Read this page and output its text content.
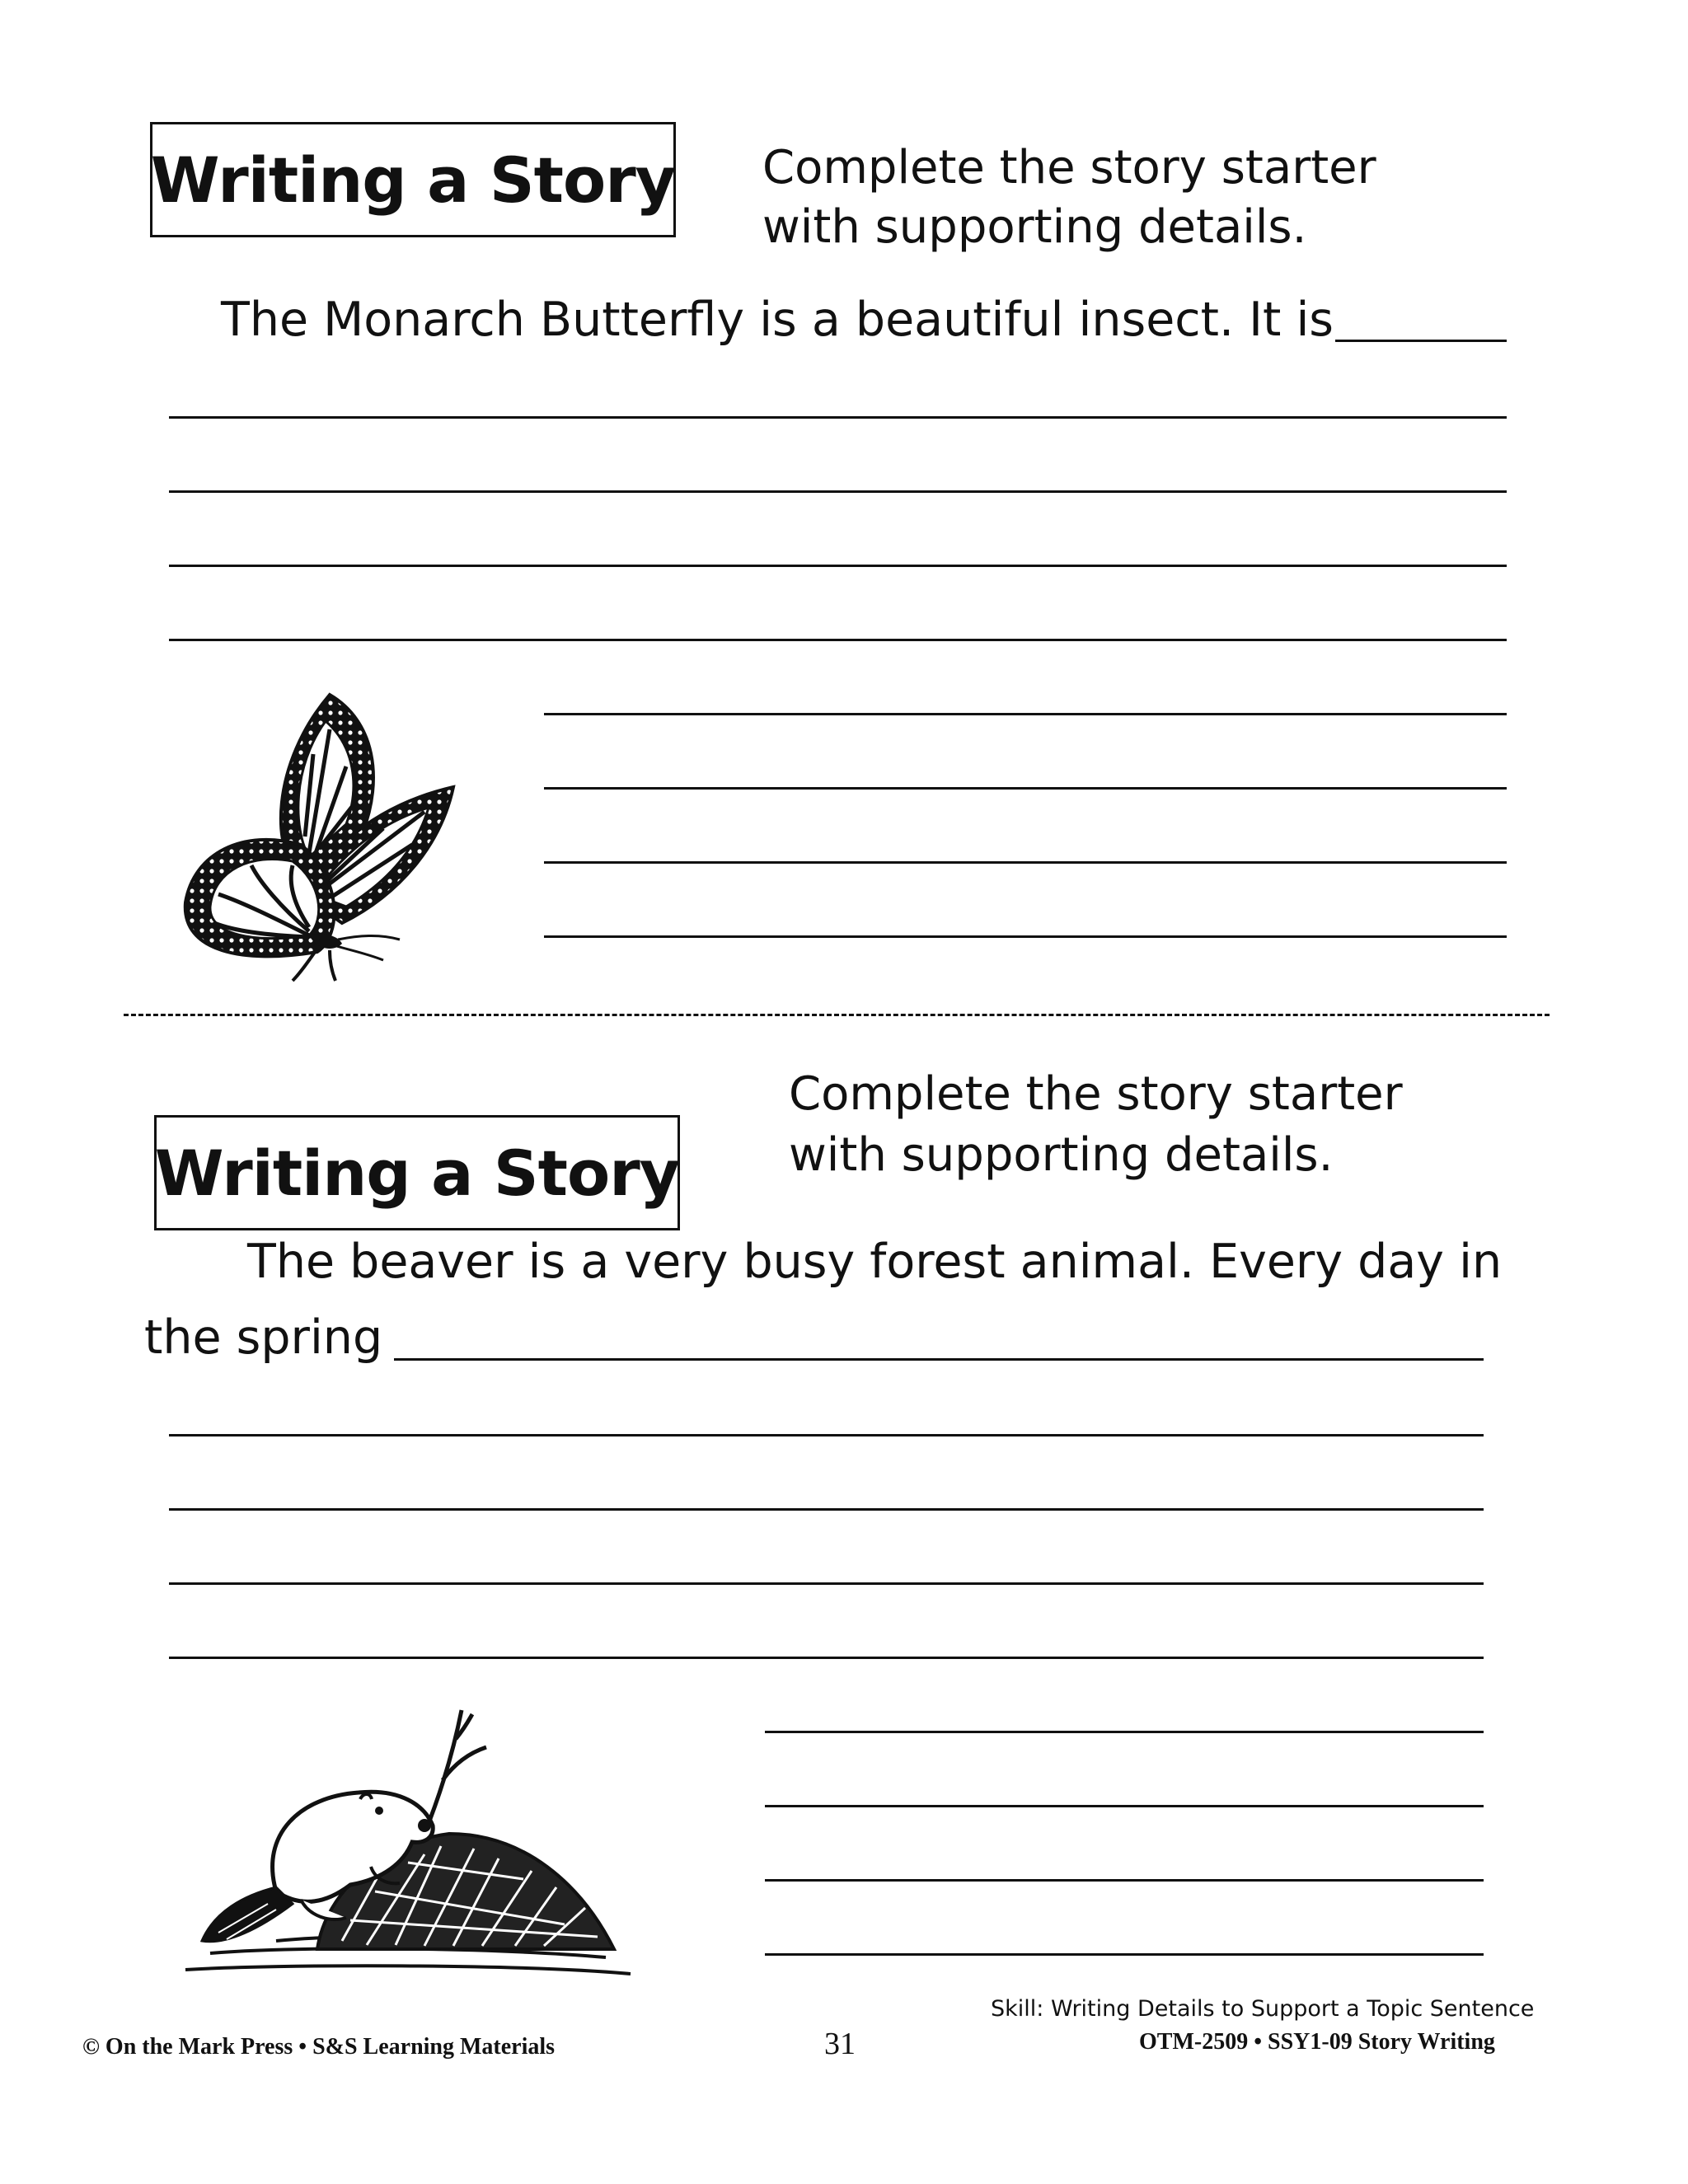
Writing a Story Complete the story starter
with supporting details.
The Monarch Butterfly is a beautiful insect. It is
Writing a Story
Complete the story starter
with supporting details.
The beaver is a very busy forest animal. Every day in
the spring
Skill: Writing Details to Support a Topic Sentence
© On the Mark Press • S&S Learning Materials	31	OTM-2509 • SSY1-09 Story Writing
